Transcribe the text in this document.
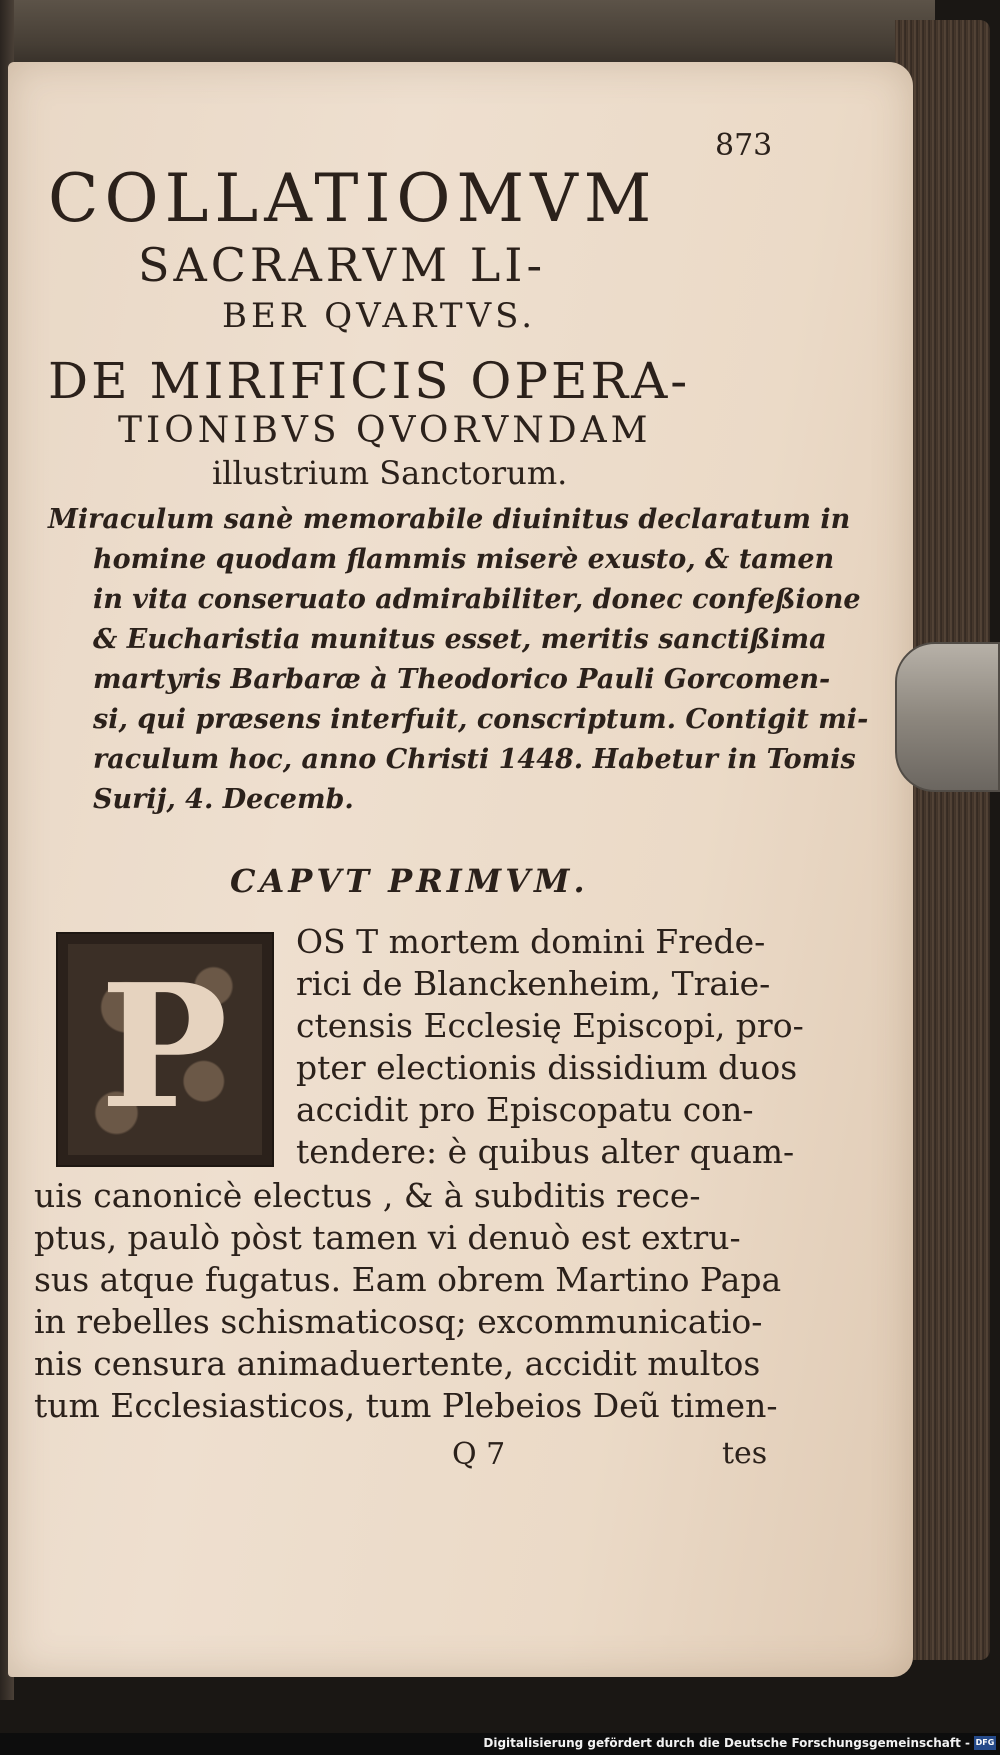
873
COLLATIOMVM
SACRARVM LI-
BER QVARTVS.
DE MIRIFICIS OPERA-
TIONIBVS QVORVNDAM
illustrium Sanctorum.
Miraculum sanè memorabile diuinitus declaratum in
homine quodam flammis miserè exusto, & tamen
in vita conseruato admirabiliter, donec confeßione
& Eucharistia munitus esset, meritis sanctißima
martyris Barbaræ à Theodorico Pauli Gorcomen-
si, qui præsens interfuit, conscriptum. Contigit mi-
raculum hoc, anno Christi 1448. Habetur in Tomis
Surij, 4. Decemb.
CAPVT PRIMVM.
P
OS T mortem domini Frede-
rici de Blanckenheim, Traie-
ctensis Ecclesię Episcopi, pro-
pter electionis dissidium duos
accidit pro Episcopatu con-
tendere: è quibus alter quam-
uis canonicè electus , & à subditis rece-
ptus, paulò pòst tamen vi denuò est extru-
sus atque fugatus. Eam obrem Martino Papa
in rebelles schismaticosq; excommunicatio-
nis censura animaduertente, accidit multos
tum Ecclesiasticos, tum Plebeios Deũ timen-
Q 7	tes
Digitalisierung gefördert durch die Deutsche Forschungsgemeinschaft - DFG
